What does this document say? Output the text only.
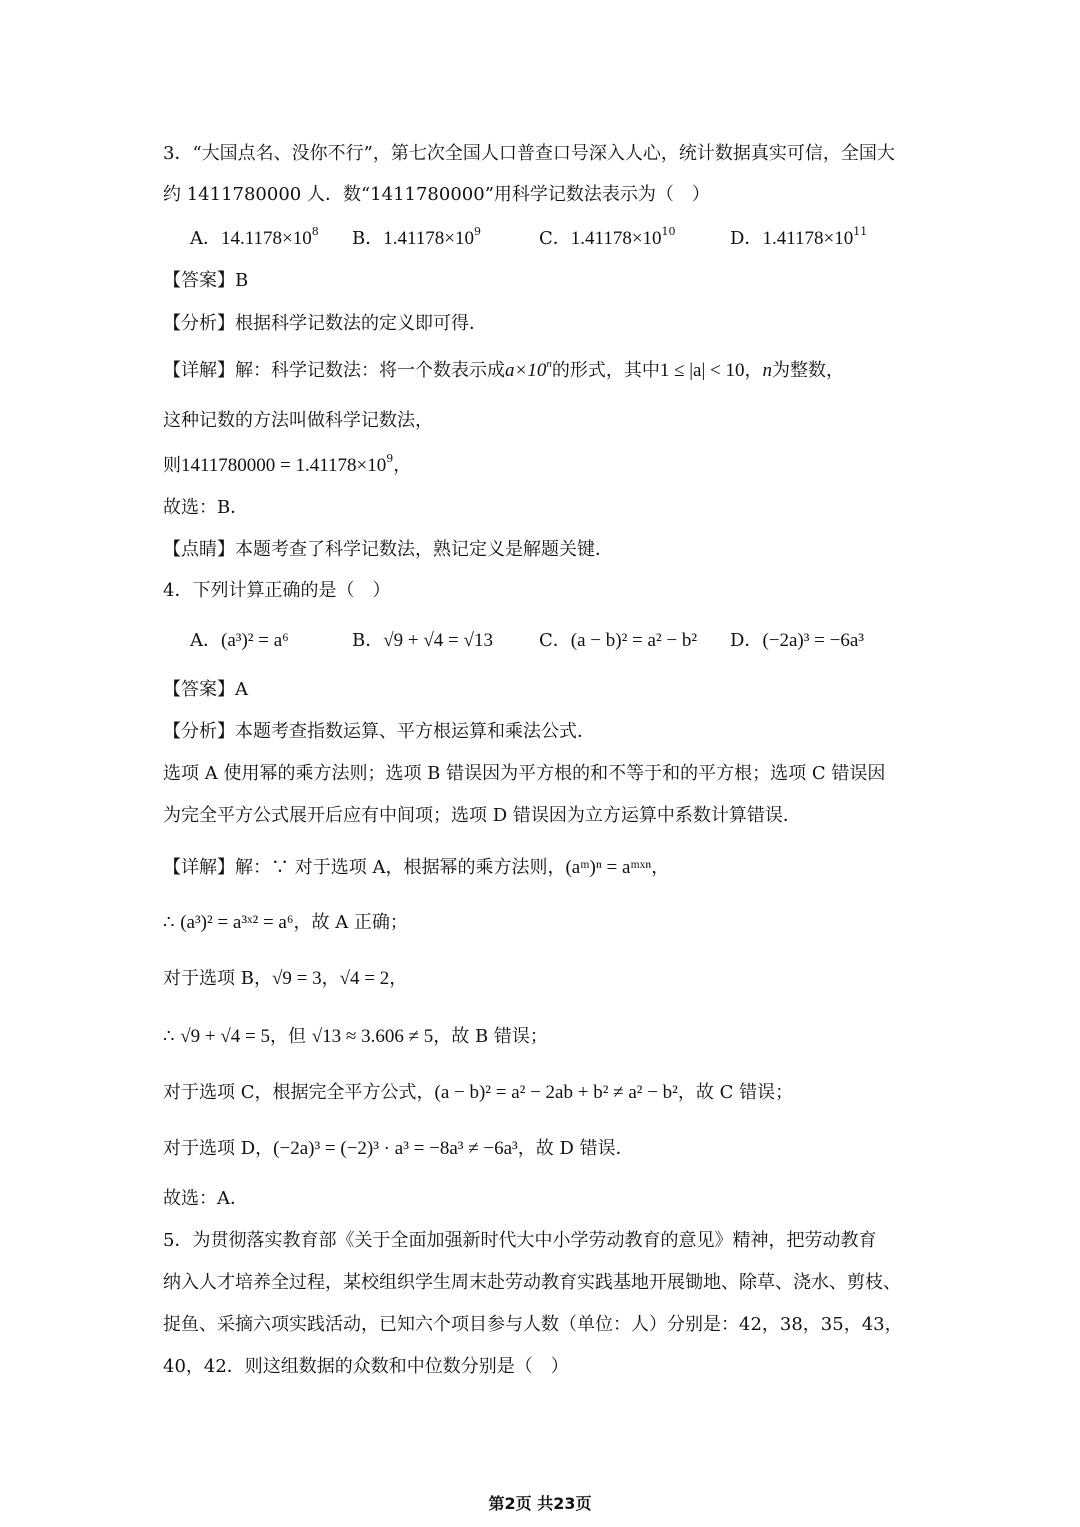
3．“大国点名、没你不行”，第七次全国人口普查口号深入人心，统计数据真实可信，全国大
约 1411780000 人．数“1411780000”用科学记数法表示为（　）
A．$14.1178\times 10^8$ B．$1.41178\times 10^9$	C．$1.41178\times 10^{10}$	D．$1.41178\times 10^{11}$
【答案】B
【分析】根据科学记数法的定义即可得．
【详解】解：科学记数法：将一个数表示成$a\times 10^n$的形式，其中1 ≤ |a| < 10，n为整数，
这种记数的方法叫做科学记数法，
则$1411780000 = 1.41178\times 10^9$，
故选：B．
【点睛】本题考查了科学记数法，熟记定义是解题关键．
4．下列计算正确的是（　）
A．(a³)² = a⁶	B．√9 + √4 = √13	C．(a − b)² = a² − b² D．(−2a)³ = −6a³
【答案】A
【分析】本题考查指数运算、平方根运算和乘法公式．
选项 A 使用幂的乘方法则；选项 B 错误因为平方根的和不等于和的平方根；选项 C 错误因
为完全平方公式展开后应有中间项；选项 D 错误因为立方运算中系数计算错误．
【详解】解：∵ 对于选项 A，根据幂的乘方法则，(aᵐ)ⁿ = aᵐˣⁿ，
∴ (a³)² = a³ˣ² = a⁶，故 A 正确；
对于选项 B，√9 = 3，√4 = 2，
∴ √9 + √4 = 5，但 √13 ≈ 3.606 ≠ 5，故 B 错误；
对于选项 C，根据完全平方公式，(a − b)² = a² − 2ab + b² ≠ a² − b²，故 C 错误；
对于选项 D，(−2a)³ = (−2)³ · a³ = −8a³ ≠ −6a³，故 D 错误．
故选：A．
5．为贯彻落实教育部《关于全面加强新时代大中小学劳动教育的意见》精神，把劳动教育
纳入人才培养全过程，某校组织学生周末赴劳动教育实践基地开展锄地、除草、浇水、剪枝、
捉鱼、采摘六项实践活动，已知六个项目参与人数（单位：人）分别是：42，38，35，43，
40，42．则这组数据的众数和中位数分别是（　）
第2页 共23页
